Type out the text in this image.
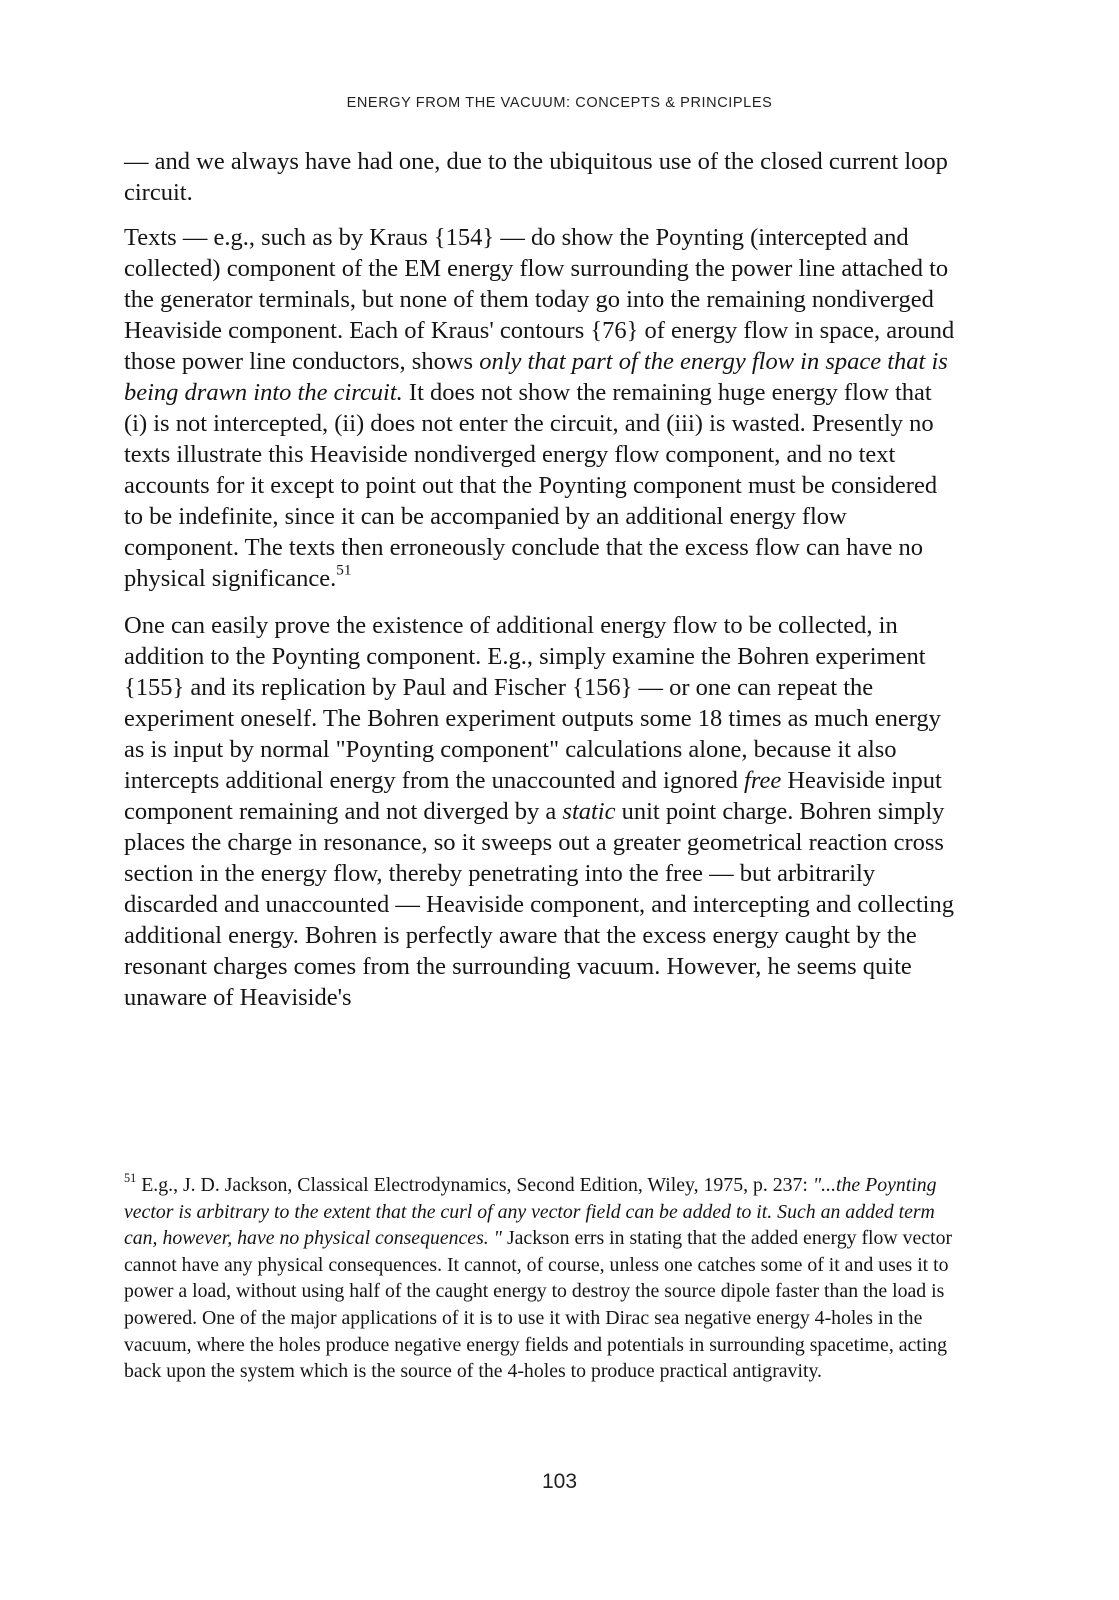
ENERGY FROM THE VACUUM: CONCEPTS & PRINCIPLES

— and we always have had one, due to the ubiquitous use of the closed current loop circuit.

Texts — e.g., such as by Kraus {154} — do show the Poynting (intercepted and collected) component of the EM energy flow surrounding the power line attached to the generator terminals, but none of them today go into the remaining nondiverged Heaviside component. Each of Kraus' contours {76} of energy flow in space, around those power line conductors, shows only that part of the energy flow in space that is being drawn into the circuit. It does not show the remaining huge energy flow that (i) is not intercepted, (ii) does not enter the circuit, and (iii) is wasted. Presently no texts illustrate this Heaviside nondiverged energy flow component, and no text accounts for it except to point out that the Poynting component must be considered to be indefinite, since it can be accompanied by an additional energy flow component. The texts then erroneously conclude that the excess flow can have no physical significance.$^{51}$

One can easily prove the existence of additional energy flow to be collected, in addition to the Poynting component. E.g., simply examine the Bohren experiment {155} and its replication by Paul and Fischer {156} — or one can repeat the experiment oneself. The Bohren experiment outputs some 18 times as much energy as is input by normal "Poynting component" calculations alone, because it also intercepts additional energy from the unaccounted and ignored free Heaviside input component remaining and not diverged by a static unit point charge. Bohren simply places the charge in resonance, so it sweeps out a greater geometrical reaction cross section in the energy flow, thereby penetrating into the free — but arbitrarily discarded and unaccounted — Heaviside component, and intercepting and collecting additional energy. Bohren is perfectly aware that the excess energy caught by the resonant charges comes from the surrounding vacuum. However, he seems quite unaware of Heaviside's

$^{51}$ E.g., J. D. Jackson, Classical Electrodynamics, Second Edition, Wiley, 1975, p. 237: "...the Poynting vector is arbitrary to the extent that the curl of any vector field can be added to it. Such an added term can, however, have no physical consequences. " Jackson errs in stating that the added energy flow vector cannot have any physical consequences. It cannot, of course, unless one catches some of it and uses it to power a load, without using half of the caught energy to destroy the source dipole faster than the load is powered. One of the major applications of it is to use it with Dirac sea negative energy 4-holes in the vacuum, where the holes produce negative energy fields and potentials in surrounding spacetime, acting back upon the system which is the source of the 4-holes to produce practical antigravity.

103
